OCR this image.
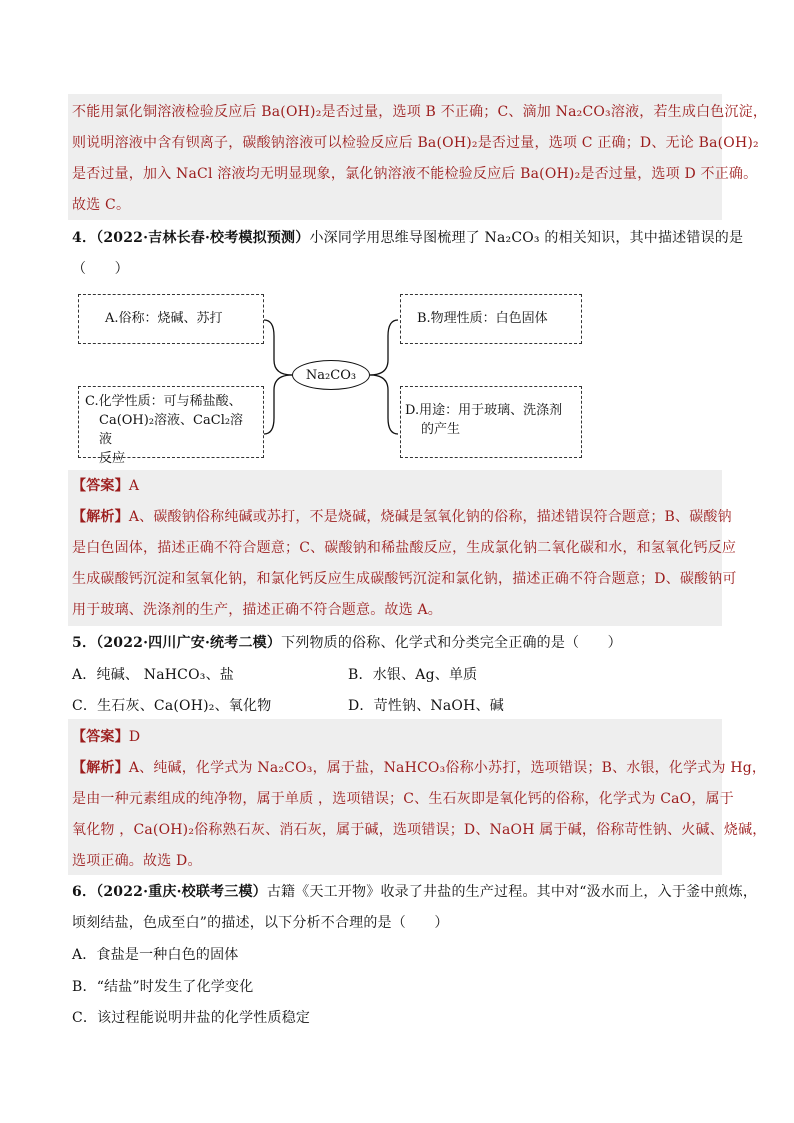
不能用氯化铜溶液检验反应后 Ba(OH)₂是否过量，选项 B 不正确；C、滴加 Na₂CO₃溶液，若生成白色沉淀，
则说明溶液中含有钡离子，碳酸钠溶液可以检验反应后 Ba(OH)₂是否过量，选项 C 正确；D、无论 Ba(OH)₂
是否过量，加入 NaCl 溶液均无明显现象，氯化钠溶液不能检验反应后 Ba(OH)₂是否过量，选项 D 不正确。
故选 C。
4．（2022·吉林长春·校考模拟预测）小深同学用思维导图梳理了 Na₂CO₃ 的相关知识，其中描述错误的是
（　　）
A.俗称：烧碱、苏打
C.化学性质：可与稀盐酸、
Ca(OH)₂溶液、CaCl₂溶液
反应
Na₂CO₃
B.物理性质：白色固体
D.用途：用于玻璃、洗涤剂
的产生
【答案】A
【解析】A、碳酸钠俗称纯碱或苏打，不是烧碱，烧碱是氢氧化钠的俗称，描述错误符合题意；B、碳酸钠
是白色固体，描述正确不符合题意；C、碳酸钠和稀盐酸反应，生成氯化钠二氧化碳和水，和氢氧化钙反应
生成碳酸钙沉淀和氢氧化钠，和氯化钙反应生成碳酸钙沉淀和氯化钠，描述正确不符合题意；D、碳酸钠可
用于玻璃、洗涤剂的生产，描述正确不符合题意。故选 A。
5．（2022·四川广安·统考二模）下列物质的俗称、化学式和分类完全正确的是（　　）
A．纯碱、 NaHCO₃、盐	B．水银、Ag、单质
C．生石灰、Ca(OH)₂、氧化物	D．苛性钠、NaOH、碱
【答案】D
【解析】A、纯碱，化学式为 Na₂CO₃，属于盐，NaHCO₃俗称小苏打，选项错误；B、水银，化学式为 Hg，
是由一种元素组成的纯净物，属于单质 ，选项错误；C、生石灰即是氧化钙的俗称，化学式为 CaO，属于
氧化物 ，Ca(OH)₂俗称熟石灰、消石灰，属于碱，选项错误；D、NaOH 属于碱，俗称苛性钠、火碱、烧碱，
选项正确。故选 D。
6．（2022·重庆·校联考三模）古籍《天工开物》收录了井盐的生产过程。其中对“汲水而上，入于釜中煎炼，
顷刻结盐，色成至白”的描述，以下分析不合理的是（　　）
A．食盐是一种白色的固体
B．“结盐”时发生了化学变化
C．该过程能说明井盐的化学性质稳定
